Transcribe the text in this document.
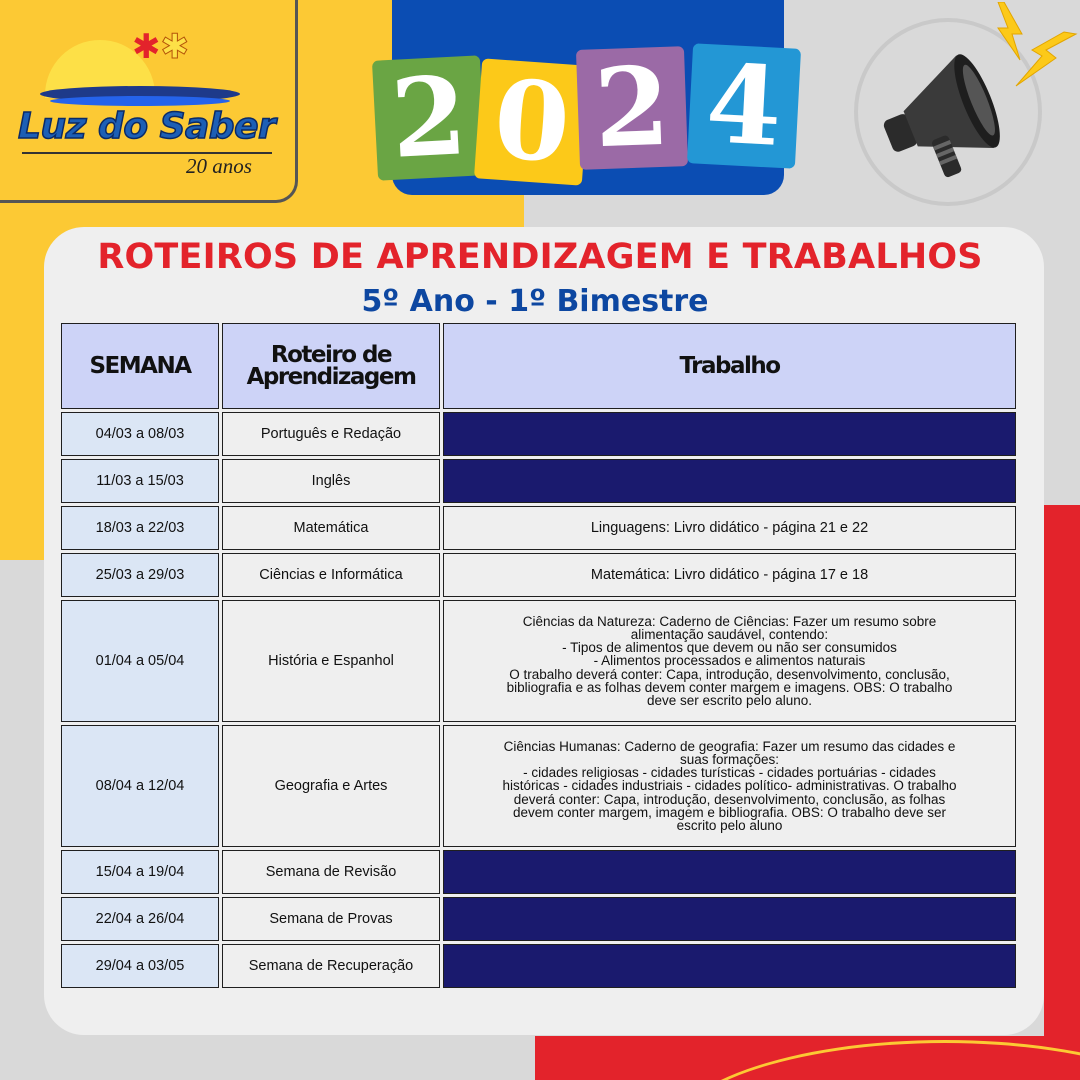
✱✱
Luz do Saber
20 anos 2 0 2 4
ROTEIROS DE APRENDIZAGEM E TRABALHOS
5º Ano - 1º Bimestre
SEMANA	Roteiro de Aprendizagem	Trabalho
04/03 a 08/03	Português e Redação
11/03 a 15/03	Inglês
18/03 a 22/03	Matemática	Linguagens: Livro didático - página 21 e 22
25/03 a 29/03	Ciências e Informática	Matemática: Livro didático - página 17 e 18
01/04 a 05/04	História e Espanhol
Ciências da Natureza: Caderno de Ciências: Fazer um resumo sobre
alimentação saudável, contendo:
- Tipos de alimentos que devem ou não ser consumidos
- Alimentos processados e alimentos naturais
O trabalho deverá conter: Capa, introdução, desenvolvimento, conclusão,
bibliografia e as folhas devem conter margem e imagens. OBS: O trabalho
deve ser escrito pelo aluno.
08/04 a 12/04	Geografia e Artes
Ciências Humanas: Caderno de geografia: Fazer um resumo das cidades e
suas formações:
- cidades religiosas - cidades turísticas - cidades portuárias - cidades
históricas - cidades industriais - cidades político- administrativas. O trabalho
deverá conter: Capa, introdução, desenvolvimento, conclusão, as folhas
devem conter margem, imagem e bibliografia. OBS: O trabalho deve ser
escrito pelo aluno
15/04 a 19/04	Semana de Revisão
22/04 a 26/04	Semana de Provas
29/04 a 03/05	Semana de Recuperação
